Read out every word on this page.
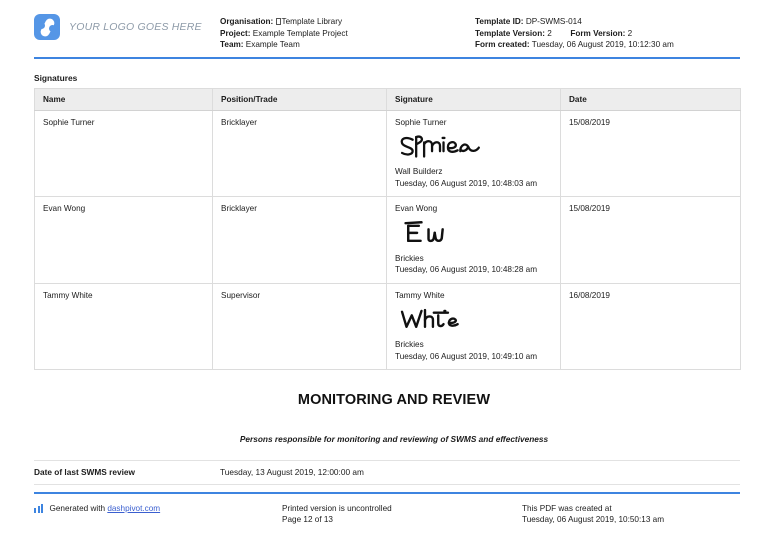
YOUR LOGO GOES HERE Organisation: Template Library
Project: Example Template Project
Team: Example Team
Template ID: DP-SWMS-014
Template Version: 2 Form Version: 2
Form created: Tuesday, 06 August 2019, 10:12:30 am
Signatures
Name	Position/Trade	Signature	Date
Sophie Turner	Bricklayer	Sophie Turner
Wall Builderz
Tuesday, 06 August 2019, 10:48:03 am	15/08/2019
Evan Wong	Bricklayer	Evan Wong
Brickies
Tuesday, 06 August 2019, 10:48:28 am	15/08/2019
Tammy White	Supervisor	Tammy White
Brickies
Tuesday, 06 August 2019, 10:49:10 am	16/08/2019
MONITORING AND REVIEW
Persons responsible for monitoring and reviewing of SWMS and effectiveness
Date of last SWMS review	Tuesday, 13 August 2019, 12:00:00 am
Generated with
dashpivot.com	Printed version is uncontrolled
Page 12 of 13
This PDF was created at
Tuesday, 06 August 2019, 10:50:13 am
